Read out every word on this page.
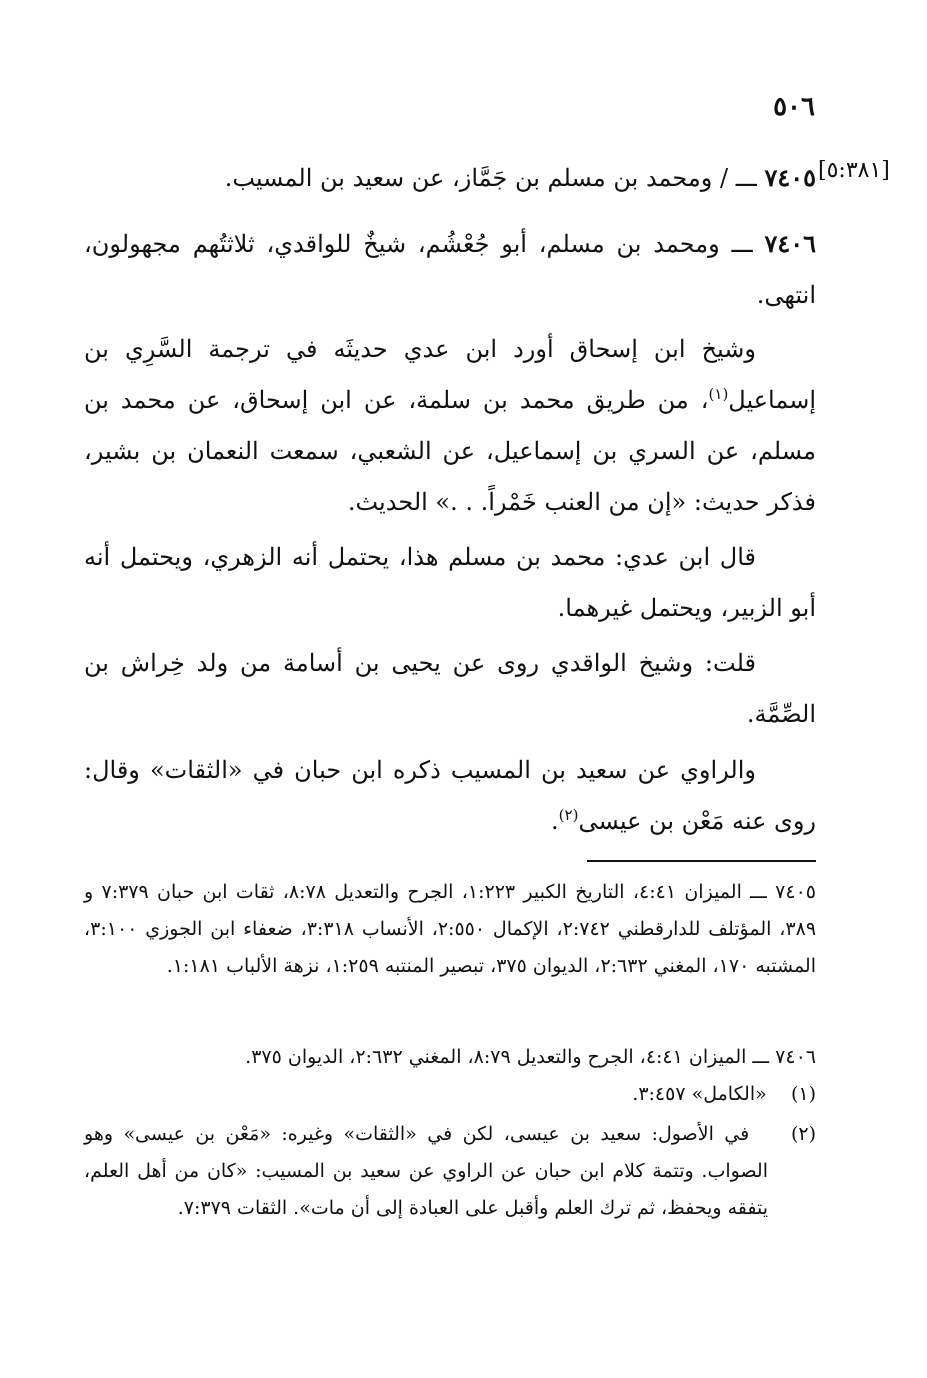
٥٠٦
[٥:٣٨١]

٧٤٠٥ ـــ / ومحمد بن مسلم بن جَمَّاز، عن سعيد بن المسيب.

٧٤٠٦ ـــ ومحمد بن مسلم، أبو جُعْشُم، شيخٌ للواقدي، ثلاثتُهم مجهولون، انتهى.

وشيخ ابن إسحاق أورد ابن عدي حديثَه في ترجمة السَّرِي بن إسماعيل$^{(١)}$، من طريق محمد بن سلمة، عن ابن إسحاق، عن محمد بن مسلم، عن السري بن إسماعيل، عن الشعبي، سمعت النعمان بن بشير، فذكر حديث: «إن من العنب خَمْراً. . .» الحديث.

قال ابن عدي: محمد بن مسلم هذا، يحتمل أنه الزهري، ويحتمل أنه أبو الزبير، ويحتمل غيرهما.

قلت: وشيخ الواقدي روى عن يحيى بن أسامة من ولد خِراش بن الصِّمَّة.

والراوي عن سعيد بن المسيب ذكره ابن حبان في «الثقات» وقال: روى عنه مَعْن بن عيسى$^{(٢)}$.

٧٤٠٥ ـــ الميزان ٤:٤١، التاريخ الكبير ١:٢٢٣، الجرح والتعديل ٨:٧٨، ثقات ابن حبان ٧:٣٧٩ و ٣٨٩، المؤتلف للدارقطني ٢:٧٤٢، الإكمال ٢:٥٥٠، الأنساب ٣:٣١٨، ضعفاء ابن الجوزي ٣:١٠٠، المشتبه ١٧٠، المغني ٢:٦٣٢، الديوان ٣٧٥، تبصير المنتبه ١:٢٥٩، نزهة الألباب ١:١٨١.

٧٤٠٦ ـــ الميزان ٤:٤١، الجرح والتعديل ٨:٧٩، المغني ٢:٦٣٢، الديوان ٣٧٥.

(١)    «الكامل» ٣:٤٥٧.

(٢)    في الأصول: سعيد بن عيسى، لكن في «الثقات» وغيره: «مَعْن بن عيسى» وهو الصواب. وتتمة كلام ابن حبان عن الراوي عن سعيد بن المسيب: «كان من أهل العلم، يتفقه ويحفظ، ثم ترك العلم وأقبل على العبادة إلى أن مات». الثقات ٧:٣٧٩.
